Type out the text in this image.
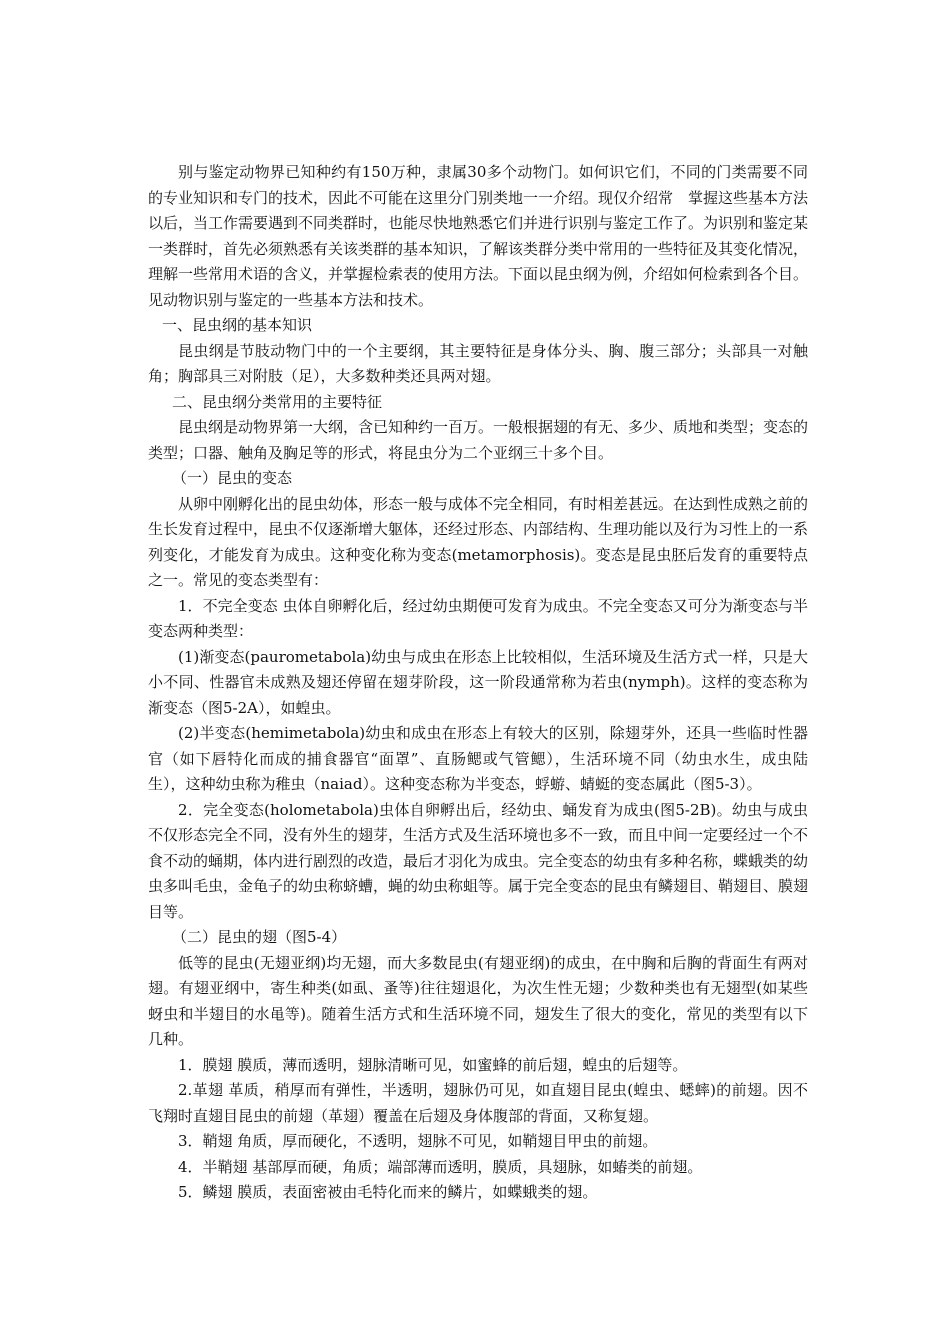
别与鉴定动物界已知种约有150万种，隶属30多个动物门。如何识它们，不同的门类需要不同的专业知识和专门的技术，因此不可能在这里分门别类地一一介绍。现仅介绍常　掌握这些基本方法以后，当工作需要遇到不同类群时，也能尽快地熟悉它们并进行识别与鉴定工作了。为识别和鉴定某一类群时，首先必须熟悉有关该类群的基本知识，了解该类群分类中常用的一些特征及其变化情况，理解一些常用术语的含义，并掌握检索表的使用方法。下面以昆虫纲为例，介绍如何检索到各个目。见动物识别与鉴定的一些基本方法和技术。

一、昆虫纲的基本知识

昆虫纲是节肢动物门中的一个主要纲，其主要特征是身体分头、胸、腹三部分；头部具一对触角；胸部具三对附肢（足），大多数种类还具两对翅。

二、昆虫纲分类常用的主要特征

昆虫纲是动物界第一大纲，含已知种约一百万。一般根据翅的有无、多少、质地和类型；变态的类型；口器、触角及胸足等的形式，将昆虫分为二个亚纲三十多个目。

（一）昆虫的变态

从卵中刚孵化出的昆虫幼体，形态一般与成体不完全相同，有时相差甚远。在达到性成熟之前的生长发育过程中，昆虫不仅逐渐增大躯体，还经过形态、内部结构、生理功能以及行为习性上的一系列变化，才能发育为成虫。这种变化称为变态(metamorphosis)。变态是昆虫胚后发育的重要特点之一。常见的变态类型有：

1．不完全变态 虫体自卵孵化后，经过幼虫期便可发育为成虫。不完全变态又可分为渐变态与半变态两种类型：

(1)渐变态(paurometabola)幼虫与成虫在形态上比较相似，生活环境及生活方式一样，只是大小不同、性器官未成熟及翅还停留在翅芽阶段，这一阶段通常称为若虫(nymph)。这样的变态称为渐变态（图5-2A），如蝗虫。

(2)半变态(hemimetabola)幼虫和成虫在形态上有较大的区别，除翅芽外，还具一些临时性器官（如下唇特化而成的捕食器官“面罩”、直肠鳃或气管鳃），生活环境不同（幼虫水生，成虫陆生），这种幼虫称为稚虫（naiad）。这种变态称为半变态，蜉蝣、蜻蜓的变态属此（图5-3）。

2．完全变态(holometabola)虫体自卵孵出后，经幼虫、蛹发育为成虫(图5-2B)。幼虫与成虫不仅形态完全不同，没有外生的翅芽，生活方式及生活环境也多不一致，而且中间一定要经过一个不食不动的蛹期，体内进行剧烈的改造，最后才羽化为成虫。完全变态的幼虫有多种名称，蝶蛾类的幼虫多叫毛虫，金龟子的幼虫称蛴螬，蝇的幼虫称蛆等。属于完全变态的昆虫有鳞翅目、鞘翅目、膜翅目等。

（二）昆虫的翅（图5-4）

低等的昆虫(无翅亚纲)均无翅，而大多数昆虫(有翅亚纲)的成虫，在中胸和后胸的背面生有两对翅。有翅亚纲中，寄生种类(如虱、蚤等)往往翅退化，为次生性无翅；少数种类也有无翅型(如某些蚜虫和半翅目的水黾等)。随着生活方式和生活环境不同，翅发生了很大的变化，常见的类型有以下几种。

1．膜翅 膜质，薄而透明，翅脉清晰可见，如蜜蜂的前后翅，蝗虫的后翅等。

2.革翅 革质，稍厚而有弹性，半透明，翅脉仍可见，如直翅目昆虫(蝗虫、蟋蟀)的前翅。因不飞翔时直翅目昆虫的前翅（革翅）覆盖在后翅及身体腹部的背面，又称复翅。

3．鞘翅 角质，厚而硬化，不透明，翅脉不可见，如鞘翅目甲虫的前翅。

4．半鞘翅 基部厚而硬，角质；端部薄而透明，膜质，具翅脉，如蝽类的前翅。

5．鳞翅 膜质，表面密被由毛特化而来的鳞片，如蝶蛾类的翅。
